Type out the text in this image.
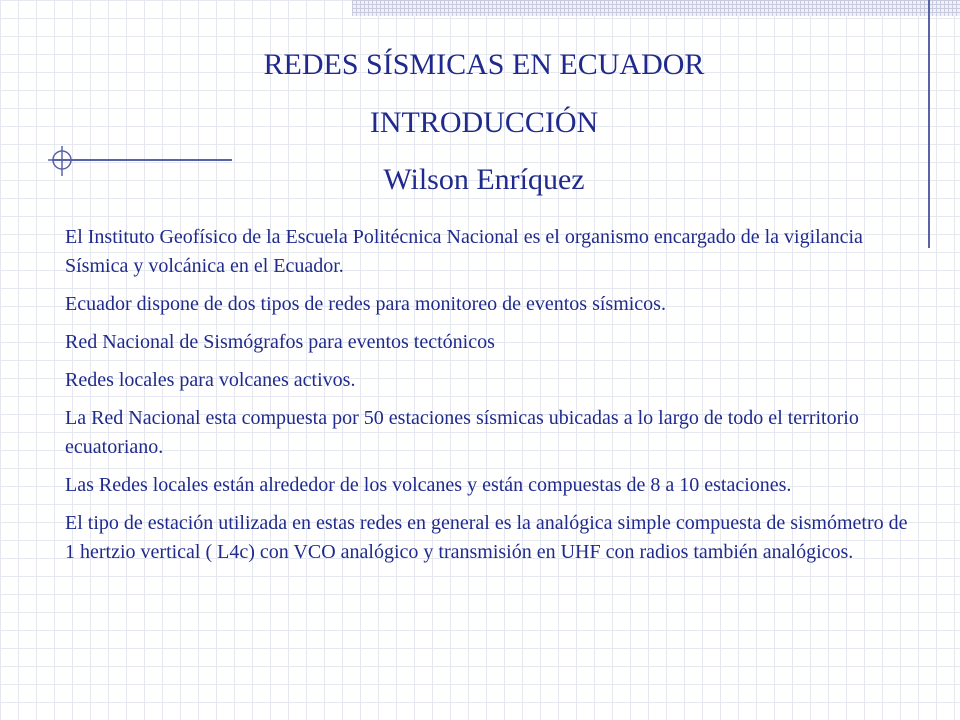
REDES SÍSMICAS EN ECUADOR
INTRODUCCIÓN
Wilson Enríquez

El Instituto Geofísico de la Escuela Politécnica Nacional es el organismo encargado de la vigilancia Sísmica y volcánica en el Ecuador.

Ecuador dispone de dos tipos de redes para monitoreo de eventos sísmicos.

Red Nacional de Sismógrafos para eventos tectónicos

Redes locales para volcanes activos.

La Red Nacional esta compuesta por 50 estaciones sísmicas ubicadas a lo largo de todo el territorio ecuatoriano.

Las Redes locales están alrededor de los volcanes y están compuestas de 8 a 10 estaciones.

El tipo de estación utilizada en estas redes en general es la analógica simple compuesta de sismómetro de 1 hertzio vertical ( L4c) con VCO analógico y transmisión en UHF con radios también analógicos.
